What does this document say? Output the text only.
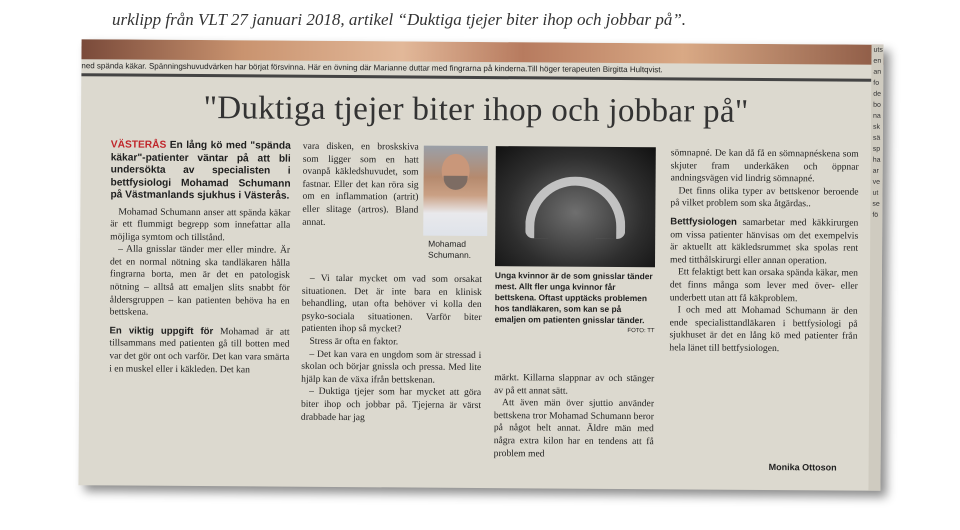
urklipp från VLT 27 januari 2018, artikel “Duktiga tjejer biter ihop och jobbar på”.
ned spända käkar. Spänningshuvudvärken har börjat försvinna. Här en övning där Marianne duttar med fingrarna på kinderna.Till höger terapeuten Birgitta Hultqvist.
uts
en
an
fo
de
bo
na
sk
sä
sp
ha
ar
ve
ut
se
fö
"Duktiga tjejer biter ihop och jobbar på"

VÄSTERÅS En lång kö med "spända käkar"-patienter väntar på att bli undersökta av specialisten i bettfysiologi Mohamad Schumann på Västmanlands sjukhus i Västerås.

Mohamad Schumann anser att spända käkar är ett flummigt begrepp som innefattar alla möjliga symtom och tillstånd.

– Alla gnisslar tänder mer eller mindre. Är det en normal nötning ska tandläkaren hålla fingrarna borta, men är det en patologisk nötning – alltså att emaljen slits snabbt för åldersgruppen – kan patienten behöva ha en bettskena.

En viktig uppgift för Mohamad är att tillsammans med patienten gå till botten med var det gör ont och varför. Det kan vara smärta i en muskel eller i käkleden. Det kan

vara disken, en broskskiva som ligger som en hatt ovanpå käkledshuvudet, som fastnar. Eller det kan röra sig om en inflammation (artrit) eller slitage (artros). Bland annat.

– Vi talar mycket om vad som orsakat situationen. Det är inte bara en klinisk behandling, utan ofta behöver vi kolla den psyko-sociala situationen. Varför biter patienten ihop så mycket?

Stress är ofta en faktor.

– Det kan vara en ungdom som är stressad i skolan och börjar gnissla och pressa. Med lite hjälp kan de växa ifrån bettskenan.

– Duktiga tjejer som har mycket att göra biter ihop och jobbar på. Tjejerna är värst drabbade har jag

Mohamad
Schumann.
Unga kvinnor är de som gnisslar tänder mest. Allt fler unga kvinnor får bettskena. Oftast upptäcks problemen hos tandläkaren, som kan se på emaljen om patienten gnisslar tänder.
FOTO: TT

märkt. Killarna slappnar av och stänger av på ett annat sätt.

Att även män över sjuttio använder bettskena tror Mohamad Schumann beror på något helt annat. Äldre män med några extra kilon har en tendens att få problem med

sömnapné. De kan då få en sömnapnéskena som skjuter fram underkäken och öppnar andningsvägen vid lindrig sömnapné.

Det finns olika typer av bettskenor beroende på vilket problem som ska åtgärdas..

Bettfysiologen samarbetar med käkkirurgen om vissa patienter hänvisas om det exempelvis är aktuellt att käkledsrummet ska spolas rent med titthålskirurgi eller annan operation.

Ett felaktigt bett kan orsaka spända käkar, men det finns många som lever med över- eller underbett utan att få käkproblem.

I och med att Mohamad Schumann är den ende specialisttandläkaren i bettfysiologi på sjukhuset är det en lång kö med patienter från hela länet till bettfysiologen.

Monika Ottoson
